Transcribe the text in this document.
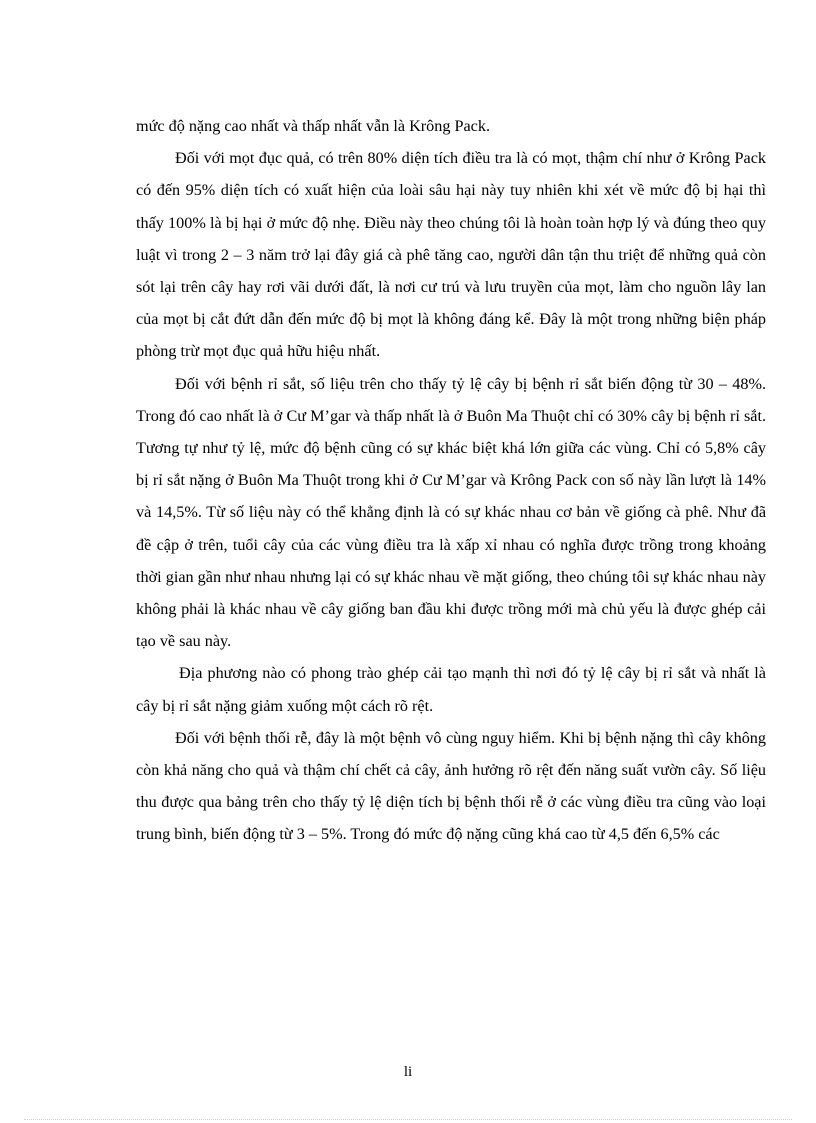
mức độ nặng cao nhất và thấp nhất vẫn là Krông Pack.

Đối với mọt đục quả, có trên 80% diện tích điều tra là có mọt, thậm chí như ở Krông Pack có đến 95% diện tích có xuất hiện của loài sâu hại này tuy nhiên khi xét về mức độ bị hại thì thấy 100% là bị hại ở mức độ nhẹ. Điều này theo chúng tôi là hoàn toàn hợp lý và đúng theo quy luật vì trong 2 – 3 năm trở lại đây giá cà phê tăng cao, người dân tận thu triệt để những quả còn sót lại trên cây hay rơi vãi dưới đất, là nơi cư trú và lưu truyền của mọt, làm cho nguồn lây lan của mọt bị cắt đứt dẫn đến mức độ bị mọt là không đáng kể. Đây là một trong những biện pháp phòng trừ mọt đục quả hữu hiệu nhất.

Đối với bệnh rỉ sắt, số liệu trên cho thấy tỷ lệ cây bị bệnh rỉ sắt biến động từ 30 – 48%. Trong đó cao nhất là ở Cư M’gar và thấp nhất là ở Buôn Ma Thuột chỉ có 30% cây bị bệnh rỉ sắt. Tương tự như tỷ lệ, mức độ bệnh cũng có sự khác biệt khá lớn giữa các vùng. Chỉ có 5,8% cây bị rỉ sắt nặng ở Buôn Ma Thuột trong khi ở Cư M’gar và Krông Pack con số này lần lượt là 14% và 14,5%. Từ số liệu này có thể khẳng định là có sự khác nhau cơ bản về giống cà phê. Như đã đề cập ở trên, tuổi cây của các vùng điều tra là xấp xỉ nhau có nghĩa được trồng trong khoảng thời gian gần như nhau nhưng lại có sự khác nhau về mặt giống, theo chúng tôi sự khác nhau này không phải là khác nhau về cây giống ban đầu khi được trồng mới mà chủ yếu là được ghép cải tạo về sau này.

Địa phương nào có phong trào ghép cải tạo mạnh thì nơi đó tỷ lệ cây bị rỉ sắt và nhất là cây bị rỉ sắt nặng giảm xuống một cách rõ rệt.

Đối với bệnh thối rễ, đây là một bệnh vô cùng nguy hiểm. Khi bị bệnh nặng thì cây không còn khả năng cho quả và thậm chí chết cả cây, ảnh hưởng rõ rệt đến năng suất vườn cây. Số liệu thu được qua bảng trên cho thấy tỷ lệ diện tích bị bệnh thối rễ ở các vùng điều tra cũng vào loại trung bình, biến động từ 3 – 5%. Trong đó mức độ nặng cũng khá cao từ 4,5 đến 6,5% các

li
